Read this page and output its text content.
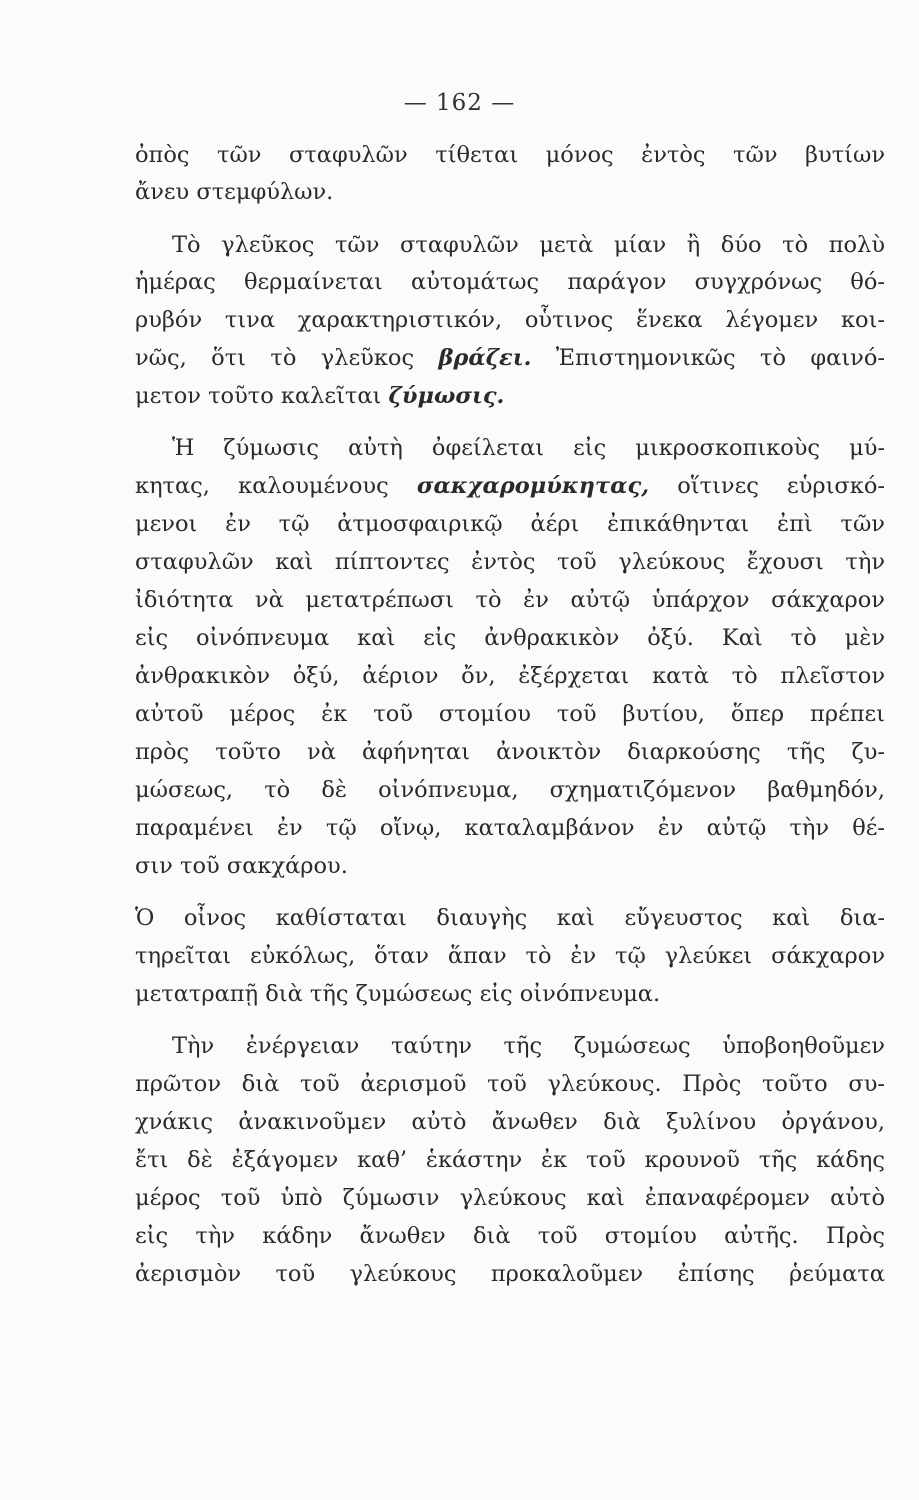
— 162 —
ὀπὸς τῶν σταφυλῶν τίθεται μόνος ἐντὸς τῶν βυτίων
ἄνευ στεμφύλων.
Τὸ γλεῦκος τῶν σταφυλῶν μετὰ μίαν ἢ δύο τὸ πολὺ
ἡμέρας θερμαίνεται αὐτομάτως παράγον συγχρόνως θό-
ρυβόν τινα χαρακτηριστικόν, οὗτινος ἕνεκα λέγομεν κοι-
νῶς, ὅτι τὸ γλεῦκος βράζει. Ἐπιστημονικῶς τὸ φαινό-
μετον τοῦτο καλεῖται ζύμωσις.
Ἡ ζύμωσις αὐτὴ ὀφείλεται εἰς μικροσκοπικοὺς μύ-
κητας, καλουμένους σακχαρομύκητας, οἵτινες εὑρισκό-
μενοι ἐν τῷ ἀτμοσφαιρικῷ ἀέρι ἐπικάθηνται ἐπὶ τῶν
σταφυλῶν καὶ πίπτοντες ἐντὸς τοῦ γλεύκους ἔχουσι τὴν
ἰδιότητα νὰ μετατρέπωσι τὸ ἐν αὐτῷ ὑπάρχον σάκχαρον
εἰς οἰνόπνευμα καὶ εἰς ἀνθρακικὸν ὀξύ. Καὶ τὸ μὲν
ἀνθρακικὸν ὀξύ, ἀέριον ὄν, ἐξέρχεται κατὰ τὸ πλεῖστον
αὐτοῦ μέρος ἐκ τοῦ στομίου τοῦ βυτίου, ὅπερ πρέπει
πρὸς τοῦτο νὰ ἀφήνηται ἀνοικτὸν διαρκούσης τῆς ζυ-
μώσεως, τὸ δὲ οἰνόπνευμα, σχηματιζόμενον βαθμηδόν,
παραμένει ἐν τῷ οἴνῳ, καταλαμβάνον ἐν αὐτῷ τὴν θέ-
σιν τοῦ σακχάρου.
Ὁ οἶνος καθίσταται διαυγὴς καὶ εὔγευστος καὶ δια-
τηρεῖται εὐκόλως, ὅταν ἅπαν τὸ ἐν τῷ γλεύκει σάκχαρον
μετατραπῇ διὰ τῆς ζυμώσεως εἰς οἰνόπνευμα.
Τὴν ἐνέργειαν ταύτην τῆς ζυμώσεως ὑποβοηθοῦμεν
πρῶτον διὰ τοῦ ἀερισμοῦ τοῦ γλεύκους. Πρὸς τοῦτο συ-
χνάκις ἀνακινοῦμεν αὐτὸ ἄνωθεν διὰ ξυλίνου ὀργάνου,
ἔτι δὲ ἐξάγομεν καθ’ ἑκάστην ἐκ τοῦ κρουνοῦ τῆς κάδης
μέρος τοῦ ὑπὸ ζύμωσιν γλεύκους καὶ ἐπαναφέρομεν αὐτὸ
εἰς τὴν κάδην ἄνωθεν διὰ τοῦ στομίου αὐτῆς. Πρὸς
ἀερισμὸν τοῦ γλεύκους προκαλοῦμεν ἐπίσης ῥεύματα
